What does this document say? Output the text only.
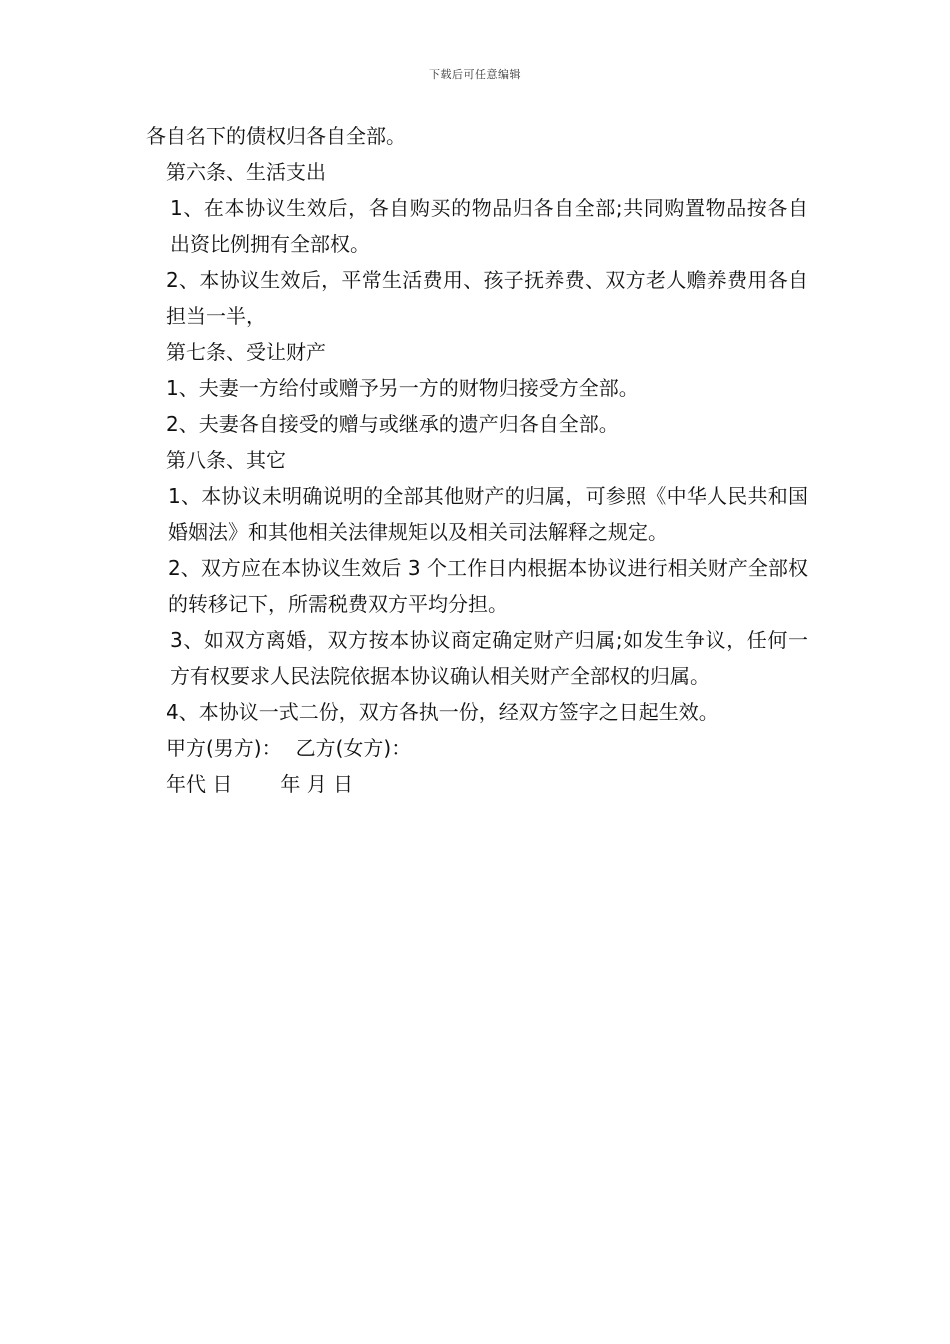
下载后可任意编辑

各自名下的债权归各自全部。

第六条、生活支出

1、在本协议生效后，各自购买的物品归各自全部;共同购置物品按各自出资比例拥有全部权。

2、本协议生效后，平常生活费用、孩子抚养费、双方老人赡养费用各自担当一半，

第七条、受让财产

1、夫妻一方给付或赠予另一方的财物归接受方全部。

2、夫妻各自接受的赠与或继承的遗产归各自全部。

第八条、其它

1、本协议未明确说明的全部其他财产的归属，可参照《中华人民共和国婚姻法》和其他相关法律规矩以及相关司法解释之规定。

2、双方应在本协议生效后 3 个工作日内根据本协议进行相关财产全部权的转移记下，所需税费双方平均分担。

3、如双方离婚，双方按本协议商定确定财产归属;如发生争议，任何一方有权要求人民法院依据本协议确认相关财产全部权的归属。

4、本协议一式二份，双方各执一份，经双方签字之日起生效。

甲方(男方)： 乙方(女方)：

年代 日 年 月 日
